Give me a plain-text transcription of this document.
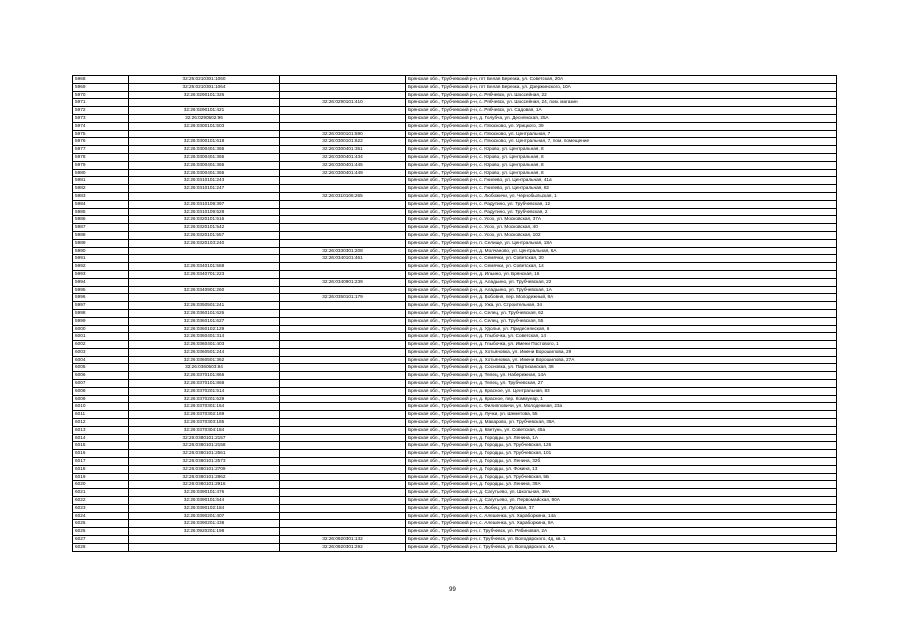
5968	32:26:0210301:1060		Брянская обл., Трубчевский р-н, пгт Белая Березка, ул. Советская, 20А
5969	32:26:0210301:1064		Брянская обл., Трубчевский р-н, пгт Белая Березка, ул. Дзержинского, 10А
5970	32:26:0290101:326		Брянская обл., Трубчевский р-н, с. Рябчевск, ул. Шоссейная, 22
5971		32:26:0290101:410	Брянская обл., Трубчевский р-н, с. Рябчевск, ул. Шоссейная, 24, пом. магазин
5972	32:26:0290101:421		Брянская обл., Трубчевский р-н, с. Рябчевск, ул. Садовая, 1А
5973	32:26:0290502:96		Брянская обл., Трубчевский р-н, д. Голубча, ул. Деснянская, 25А
5974	32:26:0300101:503		Брянская обл., Трубчевский р-н, с. Плюсково, ул. Урицкого, 39
5975		32:26:0300101:590	Брянская обл., Трубчевский р-н, с. Плюсково, ул. Центральная, 7
5976	32:26:0300101:618	32:26:0300101:622	Брянская обл., Трубчевский р-н, с. Плюсково, ул. Центральная, 7, пом. помещение
5977	32:26:0300401:365	32:26:0300401:351	Брянская обл., Трубчевский р-н, с. Юрово, ул. Центральная, 8
5978	32:26:0300401:365	32:26:0300401:434	Брянская обл., Трубчевский р-н, с. Юрово, ул. Центральная, 8
5979	32:26:0300401:365	32:26:0300401:445	Брянская обл., Трубчевский р-н, с. Юрово, ул. Центральная, 8
5980	32:26:0300401:365	32:26:0300401:449	Брянская обл., Трубчевский р-н, с. Юрово, ул. Центральная, 8
5981	32:26:0310101:243		Брянская обл., Трубчевский р-н, с. Гнилево, ул. Центральная, 41а
5982	32:26:0310101:247		Брянская обл., Трубчевский р-н, с. Гнилево, ул. Центральная, 82
5983		32:26:0310106:265	Брянская обл., Трубчевский р-н, с. Любожичи, ул. Чернобыльская, 1
5984	32:26:0310109:397		Брянская обл., Трубчевский р-н, с. Радутино, ул. Трубчевская, 12
5985	32:26:0310109:528		Брянская обл., Трубчевский р-н, с. Радутино, ул. Трубчевская, 2
5986	32:26:0320101:516		Брянская обл., Трубчевский р-н, с. Усох, ул. Московская, 37А
5987	32:26:0320101:542		Брянская обл., Трубчевский р-н, с. Усох, ул. Московская, 40
5988	32:26:0320101:557		Брянская обл., Трубчевский р-н, с. Усох, ул. Московская, 102
5989	32:26:0320103:240		Брянская обл., Трубчевский р-н, п. Селище, ул. Центральная, 18А
5990		32:26:0330301:208	Брянская обл., Трубчевский р-н, д. Молчаново, ул. Центральная, 6А
5991		32:26:0340101:461	Брянская обл., Трубчевский р-н, с. Семячки, ул. Советская, 30
5992	32:26:0340101:568		Брянская обл., Трубчевский р-н, с. Семячки, ул. Советская, 14
5993	32:26:0340701:223		Брянская обл., Трубчевский р-н, д. Ильино, ул. Брянская, 16
5994		32:26:0340901:239	Брянская обл., Трубчевский р-н, д. Аладьино, ул. Трубчевская, 22
5995	32:26:0340901:260		Брянская обл., Трубчевский р-н, д. Аладьино, ул. Трубчевская, 1А
5996		32:26:0350101:179	Брянская обл., Трубчевский р-н, д. Бобовня, пер. Молодежный, 8А
5997	32:26:0350501:241		Брянская обл., Трубчевский р-н, д. Ужа, ул. Строительная, 34
5998	32:26:0360101:626		Брянская обл., Трубчевский р-н, с. Селец, ул. Трубчевская, 62
5999	32:26:0360101:627		Брянская обл., Трубчевский р-н, с. Селец, ул. Трубчевская, 55
6000	32:26:0360102:129		Брянская обл., Трубчевский р-н, д. Удолье, ул. Придеснянская, 6
6001	32:26:0360401:314		Брянская обл., Трубчевский р-н, д. Глыбочка, ул. Советская, 14
6002	32:26:0360401:403		Брянская обл., Трубчевский р-н, д. Глыбочка, ул. Имени Постового, 1
6003	32:26:0360501:244		Брянская обл., Трубчевский р-н, д. Хотьяновка, ул. Имени Ворошилова, 29
6004	32:26:0360501:362		Брянская обл., Трубчевский р-н, д. Хотьяновка, ул. Имени Ворошилова, 27А
6005	32:26:0360503:84		Брянская обл., Трубчевский р-н, д. Сосновка, ул. Партизанская, 38
6006	32:26:0370101:865		Брянская обл., Трубчевский р-н, д. Телец, ул. Набережная, 14А
6007	32:26:0370101:868		Брянская обл., Трубчевский р-н, д. Телец, ул. Трубчевская, 27
6008	32:26:0370201:514		Брянская обл., Трубчевский р-н, д. Красное, ул. Центральная, 83
6009	32:26:0370201:629		Брянская обл., Трубчевский р-н, д. Красное, пер. Коммунар, 1
6010	32:26:0370301:164		Брянская обл., Трубчевский р-н, с. Филипповичи, ул. Молодежная, 23а
6011	32:26:0370302:169		Брянская обл., Трубчевский р-н, д. Лучки, ул. Шеметова, 55
6012	32:26:0370303:185		Брянская обл., Трубчевский р-н, д. Макарово, ул. Трубчевская, 38А
6013	32:26:0370304:184		Брянская обл., Трубчевский р-н, д. Кветунь, ул. Советская, 45а
6014	32:26:0380101:2157		Брянская обл., Трубчевский р-н, д. Городцы, ул. Ленина, 1А
6015	32:26:0380101:2158		Брянская обл., Трубчевский р-н, д. Городцы, ул. Трубчевская, 126
6016	32:26:0380101:2561		Брянская обл., Трубчевский р-н, д. Городцы, ул. Трубчевская, 101
6017	32:26:0380101:2573		Брянская обл., Трубчевский р-н, д. Городцы, ул. Ленина, 32б
6018	32:26:0380101:2709		Брянская обл., Трубчевский р-н, д. Городцы, ул. Фокина, 13
6019	32:26:0380101:2862		Брянская обл., Трубчевский р-н, д. Городцы, ул. Трубчевская, 5Б
6020	32:26:0380101:2916		Брянская обл., Трубчевский р-н, д. Городцы, ул. Ленина, 39А
6021	32:26:0390101:476		Брянская обл., Трубчевский р-н, д. Сагутьево, ул. Школьная, 39А
6022	32:26:0390101:544		Брянская обл., Трубчевский р-н, д. Сагутьево, ул. Первомайская, 90А
6023	32:26:0390102:184		Брянская обл., Трубчевский р-н, с. Любец, ул. Луговая, 37
6024	32:26:0390201:407		Брянская обл., Трубчевский р-н, с. Алешенка, ул. Хараборкина, 14а
6025	32:26:0390201:438		Брянская обл., Трубчевский р-н, с. Алешенка, ул. Хараборкина, 9А
6026	32:26:0920201:198		Брянская обл., Трубчевский р-н, г. Трубчевск, ул. Рябиновая, 2А
6027		32:26:0920301:132	Брянская обл., Трубчевский р-н, г. Трубчевск, ул. Володарского, 4д, кв. 1
6028		32:26:0920301:292	Брянская обл., Трубчевский р-н, г. Трубчевск, ул. Володарского, 4А
99
